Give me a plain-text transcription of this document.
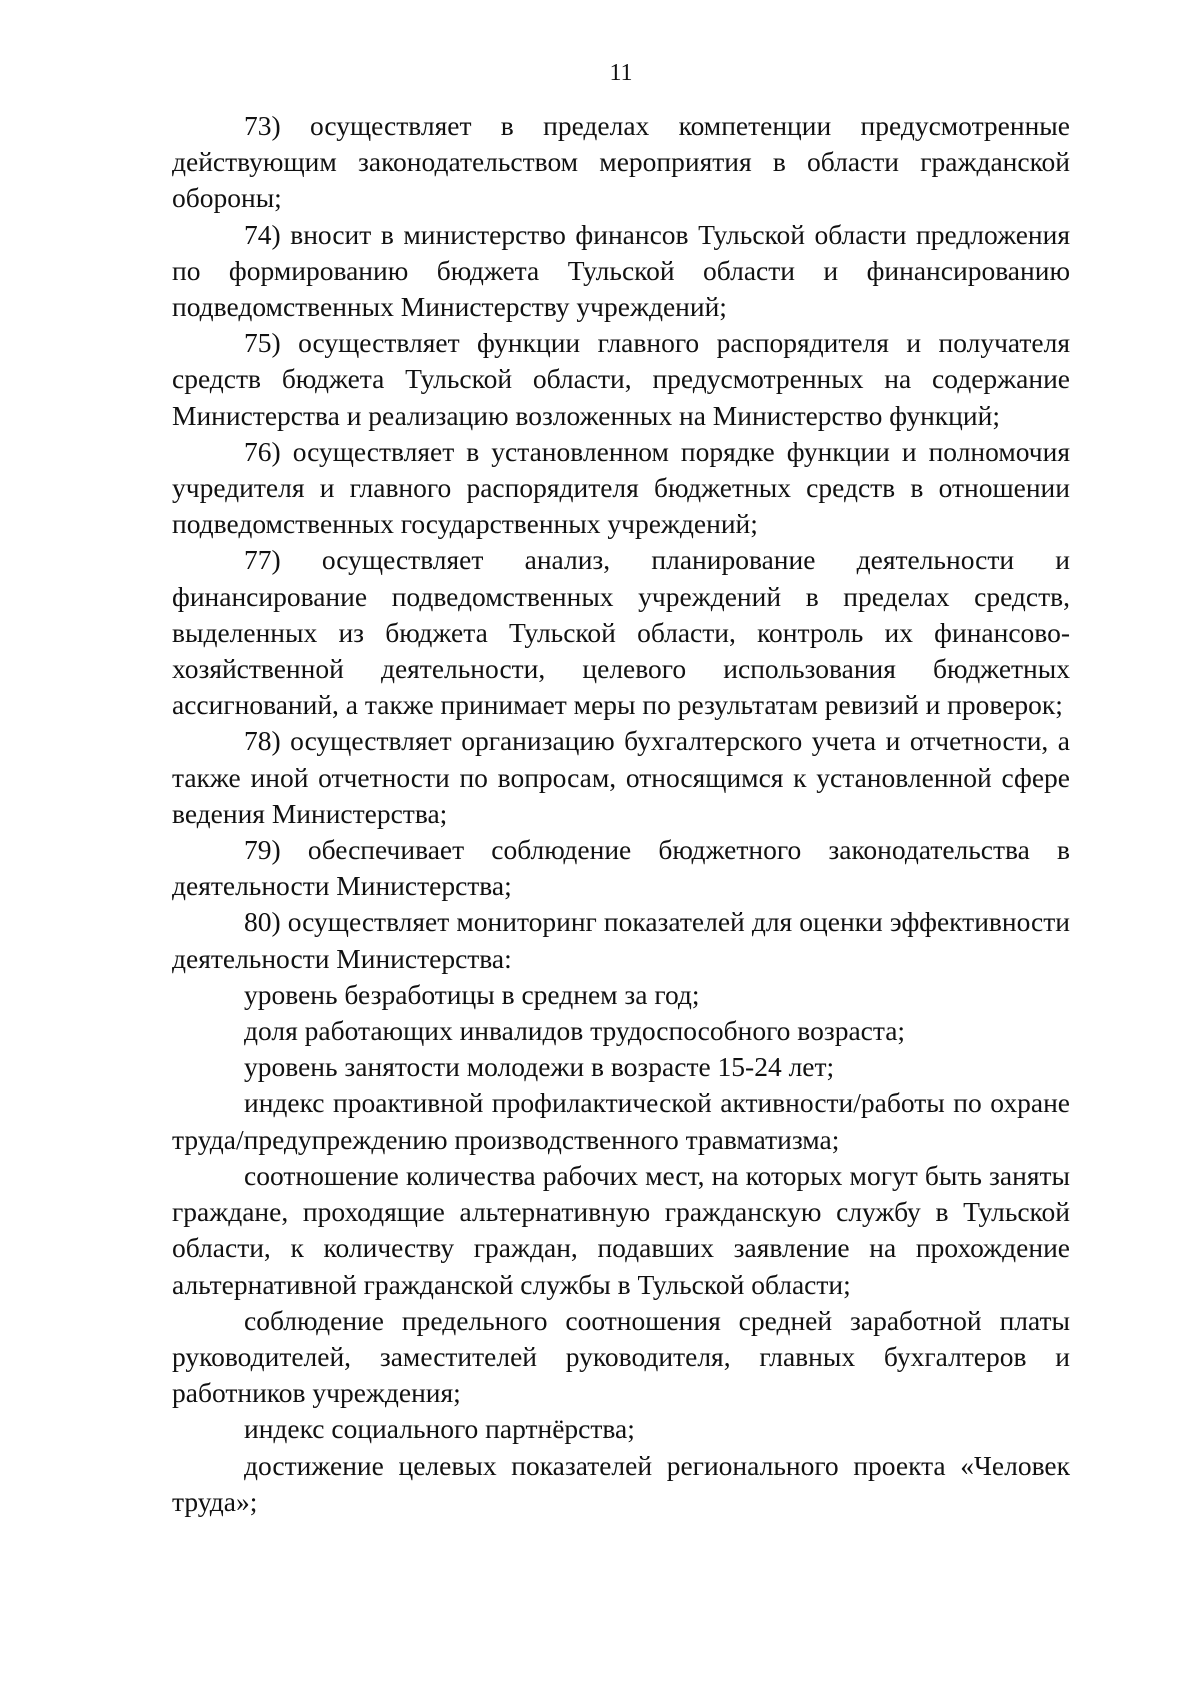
11

73) осуществляет в пределах компетенции предусмотренные действующим законодательством мероприятия в области гражданской обороны;

74) вносит в министерство финансов Тульской области предложения по формированию бюджета Тульской области и финансированию подведомственных Министерству учреждений;

75) осуществляет функции главного распорядителя и получателя средств бюджета Тульской области, предусмотренных на содержание Министерства и реализацию возложенных на Министерство функций;

76) осуществляет в установленном порядке функции и полномочия учредителя и главного распорядителя бюджетных средств в отношении подведомственных государственных учреждений;

77) осуществляет анализ, планирование деятельности и финансирование подведомственных учреждений в пределах средств, выделенных из бюджета Тульской области, контроль их финансово-хозяйственной деятельности, целевого использования бюджетных ассигнований, а также принимает меры по результатам ревизий и проверок;

78) осуществляет организацию бухгалтерского учета и отчетности, а также иной отчетности по вопросам, относящимся к установленной сфере ведения Министерства;

79) обеспечивает соблюдение бюджетного законодательства в деятельности Министерства;

80) осуществляет мониторинг показателей для оценки эффективности деятельности Министерства:

уровень безработицы в среднем за год;

доля работающих инвалидов трудоспособного возраста;

уровень занятости молодежи в возрасте 15-24 лет;

индекс проактивной профилактической активности/работы по охране труда/предупреждению производственного травматизма;

соотношение количества рабочих мест, на которых могут быть заняты граждане, проходящие альтернативную гражданскую службу в Тульской области, к количеству граждан, подавших заявление на прохождение альтернативной гражданской службы в Тульской области;

соблюдение предельного соотношения средней заработной платы руководителей, заместителей руководителя, главных бухгалтеров и работников учреждения;

индекс социального партнёрства;

достижение целевых показателей регионального проекта «Человек труда»;
